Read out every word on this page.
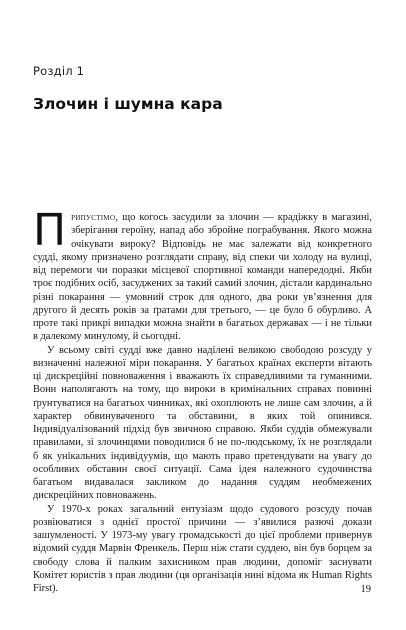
Розділ 1
Злочин і шумна кара

Припустімо, що когось засудили за злочин — крадіжку в магазині, зберігання героїну, напад або збройне пограбування. Якого можна очікувати вироку? Відповідь не має залежати від конкретного судді, якому призначено розглядати справу, від спеки чи холоду на вулиці, від перемоги чи поразки місцевої спортивної команди напередодні. Якби троє подібних осіб, засуджених за такий самий злочин, дістали кардинально різні покарання — умовний строк для одного, два роки ув’язнення для другого й десять років за ґратами для третього, — це було б обурливо. А проте такі прикрі випадки можна знайти в багатьох державах — і не тільки в далекому минулому, й сьогодні.

У всьому світі судді вже давно наділені великою свободою розсуду у визначенні належної міри покарання. У багатьох країнах експерти вітають ці дискреційні повноваження і вважають їх справедливими та гуманними. Вони наполягають на тому, що вироки в кримінальних справах повинні ґрунтуватися на багатьох чинниках, які охоплюють не лише сам злочин, а й характер обвинуваченого та обставини, в яких той опинився. Індивідуалізований підхід був звичною справою. Якби суддів обмежували правилами, зі злочинцями поводилися б не по-людському, їх не розглядали б як унікальних індивідуумів, що мають право претендувати на увагу до особливих обставин своєї ситуації. Сама ідея належного судочинства багатьом видавалася закликом до надання суддям необмежених дискреційних повноважень.

У 1970-х роках загальний ентузіазм щодо судового розсуду почав розвіюватися з однієї простої причини — з’явилися разючі докази зашумленості. У 1973-му увагу громадськості до цієї проблеми привернув відомий суддя Марвін Френкель. Перш ніж стати суддею, він був борцем за свободу слова й палким захисником прав людини, допоміг заснувати Комітет юристів з прав людини (ця організація нині відома як Human Rights First).	19
